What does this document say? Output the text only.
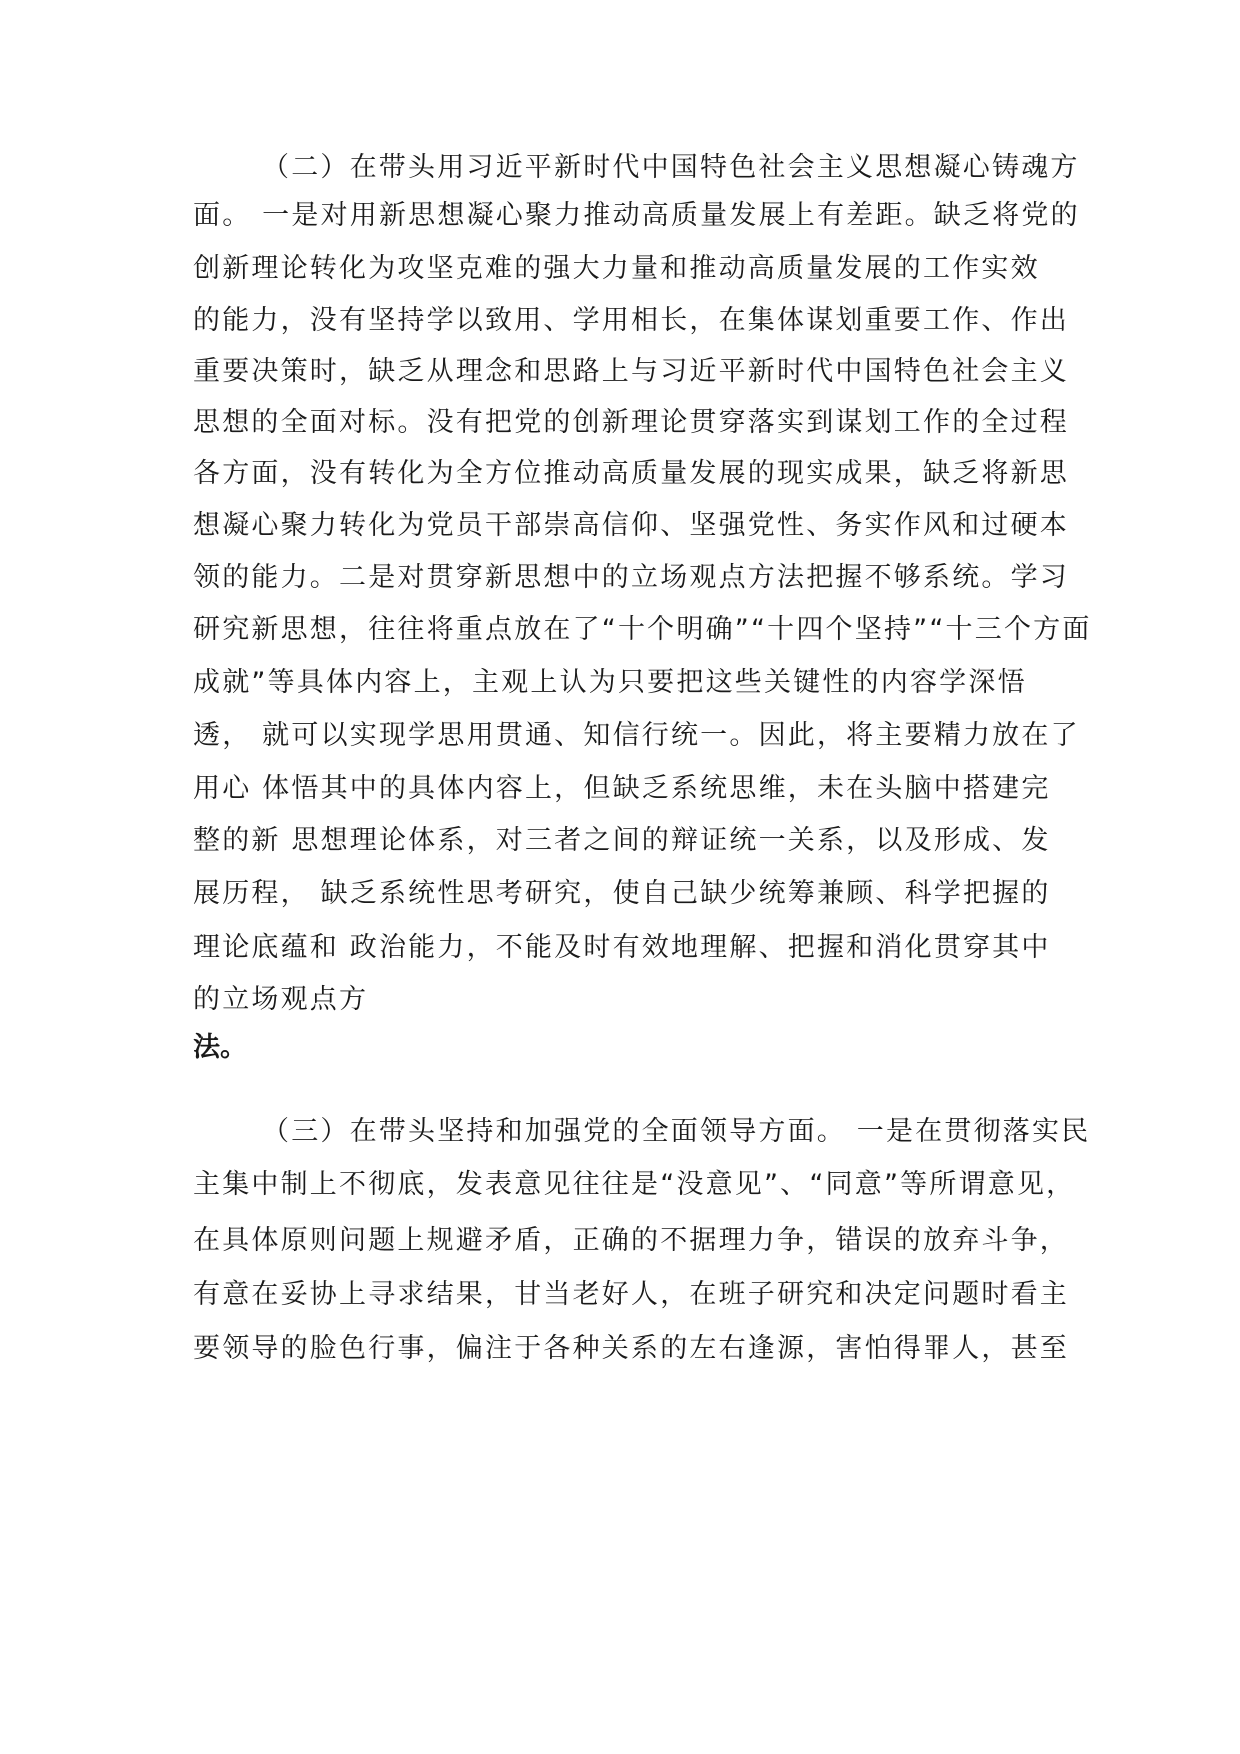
（二）在带头用习近平新时代中国特色社会主义思想凝心铸魂方
面。 一是对用新思想凝心聚力推动高质量发展上有差距。缺乏将党的
创新理论转化为攻坚克难的强大力量和推动高质量发展的工作实效
的能力，没有坚持学以致用、学用相长，在集体谋划重要工作、作出
重要决策时，缺乏从理念和思路上与习近平新时代中国特色社会主义
思想的全面对标。没有把党的创新理论贯穿落实到谋划工作的全过程
各方面，没有转化为全方位推动高质量发展的现实成果，缺乏将新思
想凝心聚力转化为党员干部崇高信仰、坚强党性、务实作风和过硬本
领的能力。二是对贯穿新思想中的立场观点方法把握不够系统。学习
研究新思想，往往将重点放在了“十个明确”“十四个坚持”“十三个方面
成就”等具体内容上，主观上认为只要把这些关键性的内容学深悟
透， 就可以实现学思用贯通、知信行统一。因此，将主要精力放在了
用心 体悟其中的具体内容上，但缺乏系统思维，未在头脑中搭建完
整的新 思想理论体系，对三者之间的辩证统一关系，以及形成、发
展历程， 缺乏系统性思考研究，使自己缺少统筹兼顾、科学把握的
理论底蕴和 政治能力，不能及时有效地理解、把握和消化贯穿其中
的立场观点方
法。
（三）在带头坚持和加强党的全面领导方面。 一是在贯彻落实民
主集中制上不彻底，发表意见往往是“没意见”、“同意”等所谓意见，
在具体原则问题上规避矛盾，正确的不据理力争，错误的放弃斗争，
有意在妥协上寻求结果，甘当老好人，在班子研究和决定问题时看主
要领导的脸色行事，偏注于各种关系的左右逢源，害怕得罪人，甚至
